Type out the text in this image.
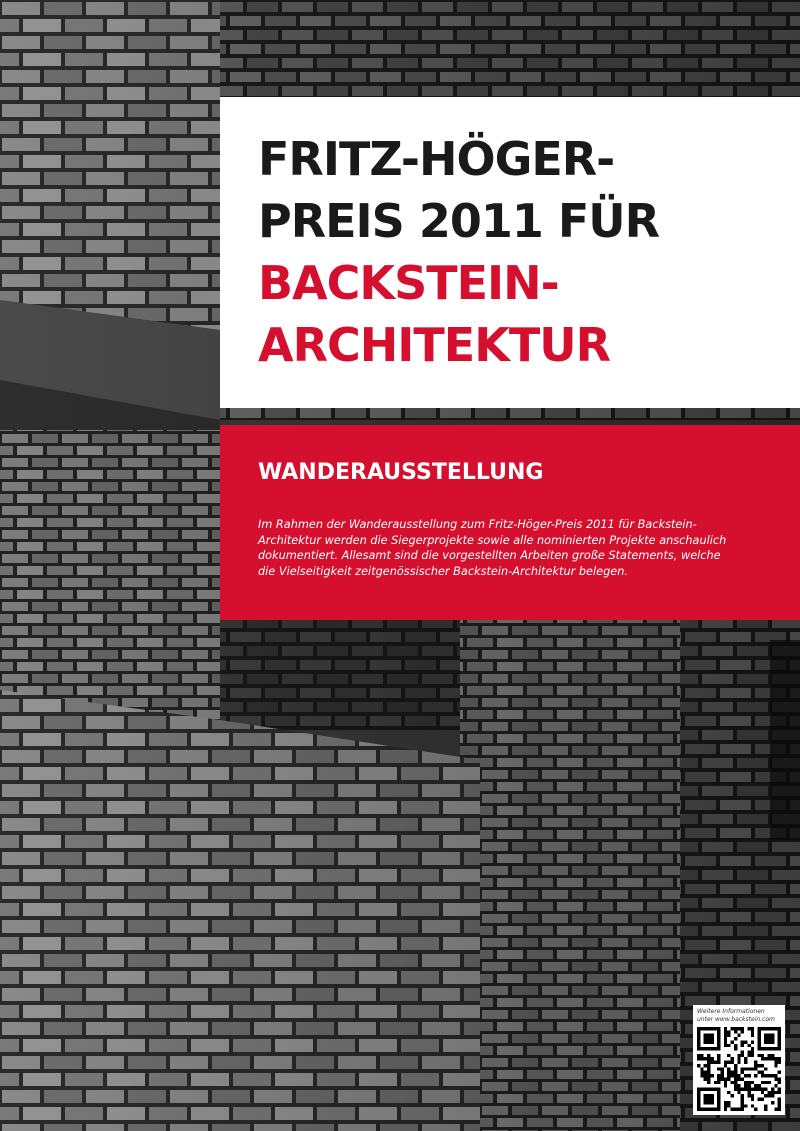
FRITZ-HÖGER-
PREIS 2011 FÜR
BACKSTEIN-
ARCHITEKTUR
WANDERAUSSTELLUNG
Im Rahmen der Wanderausstellung zum Fritz-Höger-Preis 2011 für Backstein-
Architektur werden die Siegerprojekte sowie alle nominierten Projekte anschaulich
dokumentiert. Allesamt sind die vorgestellten Arbeiten große Statements, welche
die Vielseitigkeit zeitgenössischer Backstein-Architektur belegen.
Weitere Informationen
unter www.backstein.com
